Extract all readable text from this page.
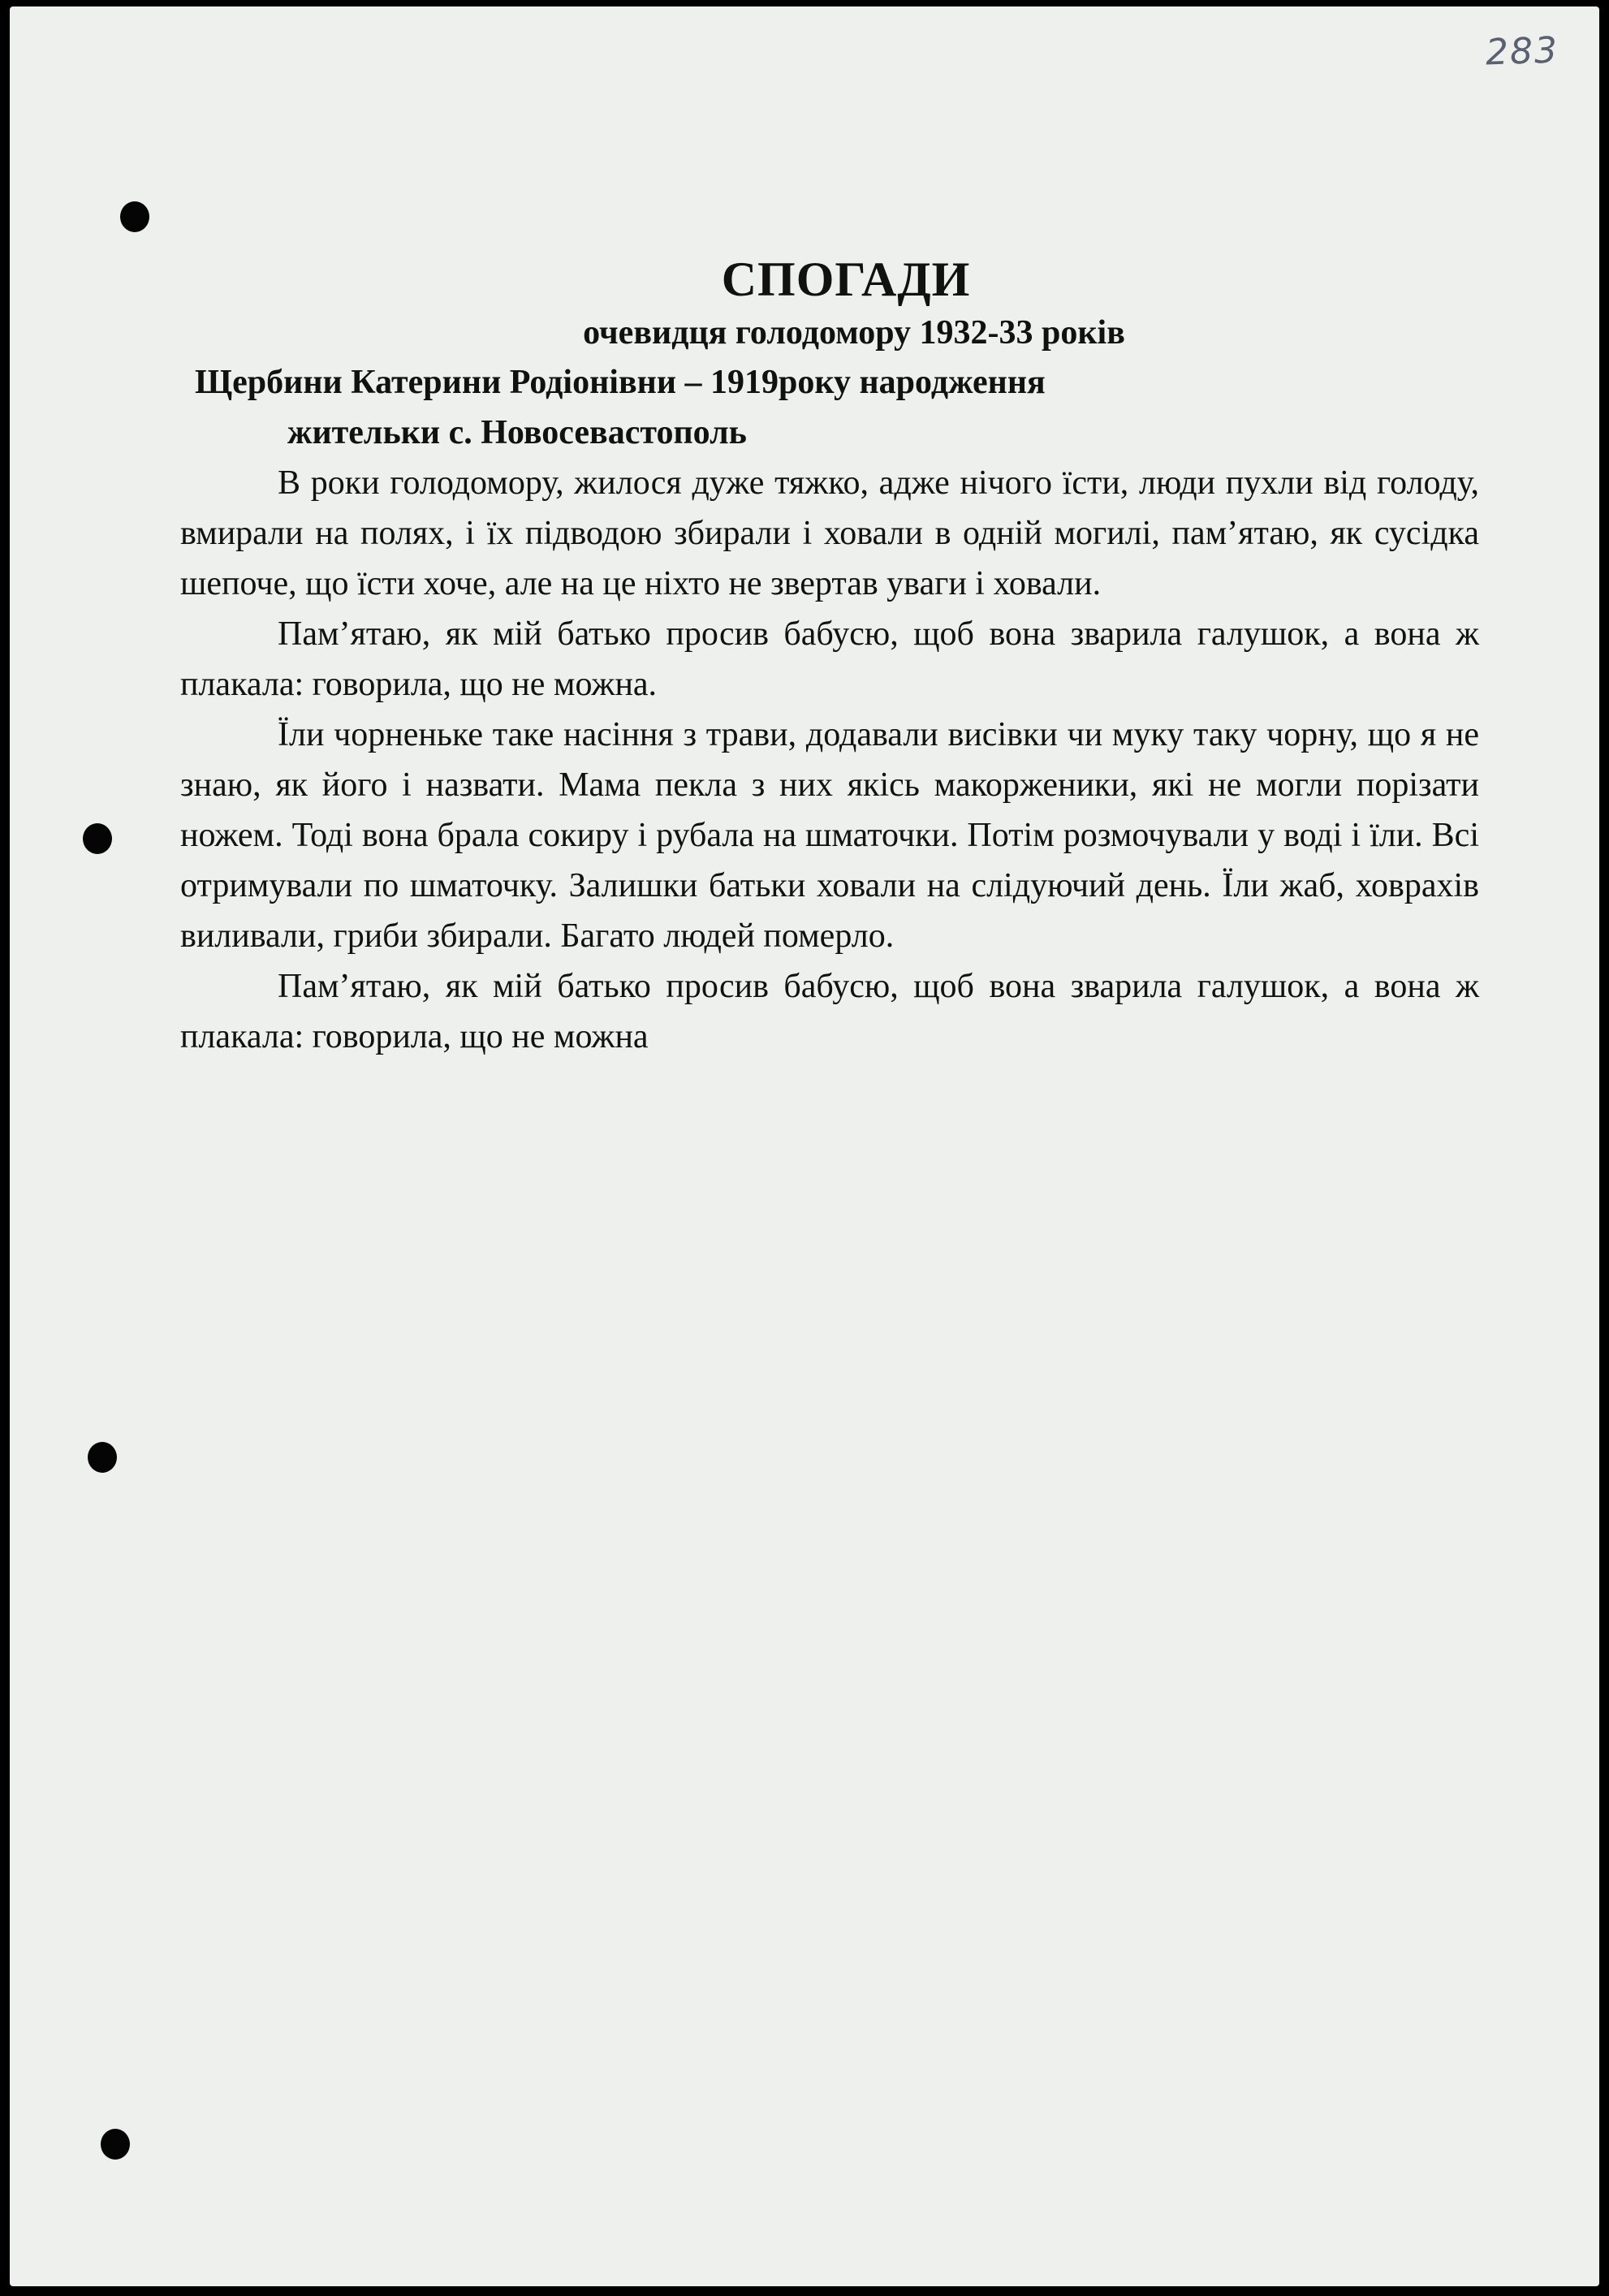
283
СПОГАДИ

очевидця голодомору 1932-33 років

Щербини Катерини Родіонівни – 1919року народження

жительки с. Новосевастополь

В роки голодомору, жилося дуже тяжко, адже нічого їсти, люди пухли від голоду, вмирали на полях, і їх підводою збирали і ховали в одній могилі, пам’ятаю, як сусідка шепоче, що їсти хоче, але на це ніхто не звертав уваги і ховали.

Пам’ятаю, як мій батько просив бабусю, щоб вона зварила галушок, а вона ж плакала: говорила, що не можна.

Їли чорненьке таке насіння з трави, додавали висівки чи муку таку чорну, що я не знаю, як його і назвати. Мама пекла з них якісь макорженики, які не могли порізати ножем. Тоді вона брала сокиру і рубала на шматочки. Потім розмочували у воді і їли. Всі отримували по шматочку. Залишки батьки ховали на слідуючий день. Їли жаб, ховрахів виливали, гриби збирали. Багато людей померло.

Пам’ятаю, як мій батько просив бабусю, щоб вона зварила галушок, а вона ж плакала: говорила, що не можна
